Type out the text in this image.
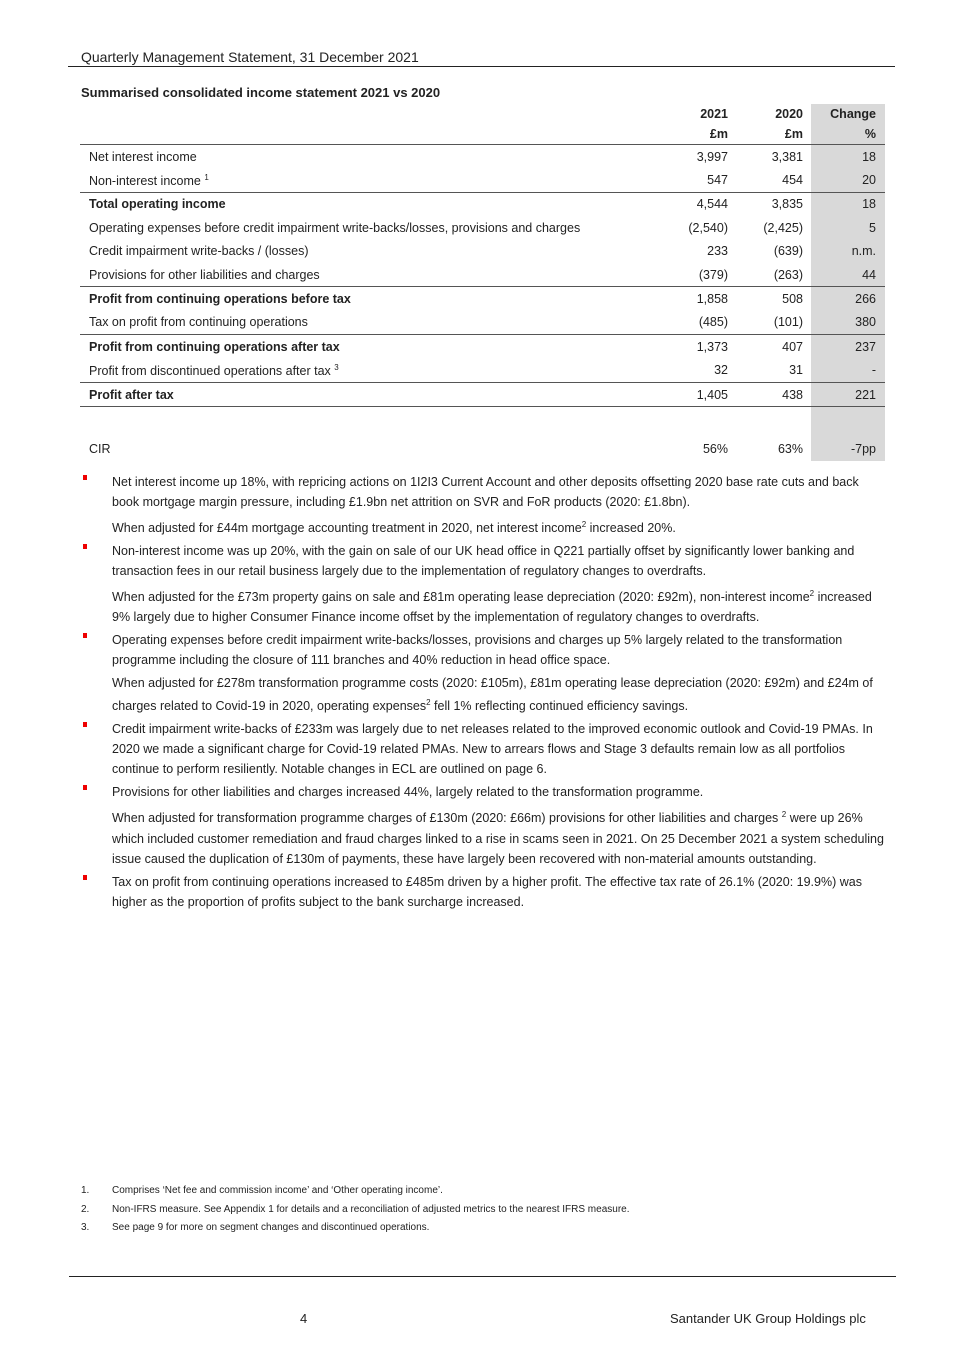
Quarterly Management Statement, 31 December 2021
Summarised consolidated income statement 2021 vs 2020
	2021	2020	Change
	£m	£m	%
Net interest income	3,997	3,381	18
Non-interest income $^1$	547	454	20
Total operating income	4,544	3,835	18
Operating expenses before credit impairment write-backs/losses, provisions and charges	(2,540)	(2,425)	5
Credit impairment write-backs / (losses)	233	(639)	n.m.
Provisions for other liabilities and charges	(379)	(263)	44
Profit from continuing operations before tax	1,858	508	266
Tax on profit from continuing operations	(485)	(101)	380
Profit from continuing operations after tax	1,373	407	237
Profit from discontinued operations after tax $^3$	32	31	-
Profit after tax	1,405	438	221

CIR	56%	63%	-7pp

Net interest income up 18%, with repricing actions on 1I2I3 Current Account and other deposits offsetting 2020 base rate cuts and back book mortgage margin pressure, including £1.9bn net attrition on SVR and FoR products (2020: £1.8bn).

When adjusted for £44m mortgage accounting treatment in 2020, net interest income$^2$ increased 20%.

Non-interest income was up 20%, with the gain on sale of our UK head office in Q221 partially offset by significantly lower banking and transaction fees in our retail business largely due to the implementation of regulatory changes to overdrafts.

When adjusted for the £73m property gains on sale and £81m operating lease depreciation (2020: £92m), non-interest income$^2$ increased 9% largely due to higher Consumer Finance income offset by the implementation of regulatory changes to overdrafts.

Operating expenses before credit impairment write-backs/losses, provisions and charges up 5% largely related to the transformation programme including the closure of 111 branches and 40% reduction in head office space.

When adjusted for £278m transformation programme costs (2020: £105m), £81m operating lease depreciation (2020: £92m) and £24m of charges related to Covid-19 in 2020, operating expenses$^2$ fell 1% reflecting continued efficiency savings.

Credit impairment write-backs of £233m was largely due to net releases related to the improved economic outlook and Covid-19 PMAs. In 2020 we made a significant charge for Covid-19 related PMAs. New to arrears flows and Stage 3 defaults remain low as all portfolios continue to perform resiliently. Notable changes in ECL are outlined on page 6.

Provisions for other liabilities and charges increased 44%, largely related to the transformation programme.

When adjusted for transformation programme charges of £130m (2020: £66m) provisions for other liabilities and charges $^2$ were up 26% which included customer remediation and fraud charges linked to a rise in scams seen in 2021. On 25 December 2021 a system scheduling issue caused the duplication of £130m of payments, these have largely been recovered with non-material amounts outstanding.

Tax on profit from continuing operations increased to £485m driven by a higher profit. The effective tax rate of 26.1% (2020: 19.9%) was higher as the proportion of profits subject to the bank surcharge increased.

1. Comprises ‘Net fee and commission income’ and ‘Other operating income’.
2. Non-IFRS measure. See Appendix 1 for details and a reconciliation of adjusted metrics to the nearest IFRS measure.
3. See page 9 for more on segment changes and discontinued operations.
4	Santander UK Group Holdings plc
